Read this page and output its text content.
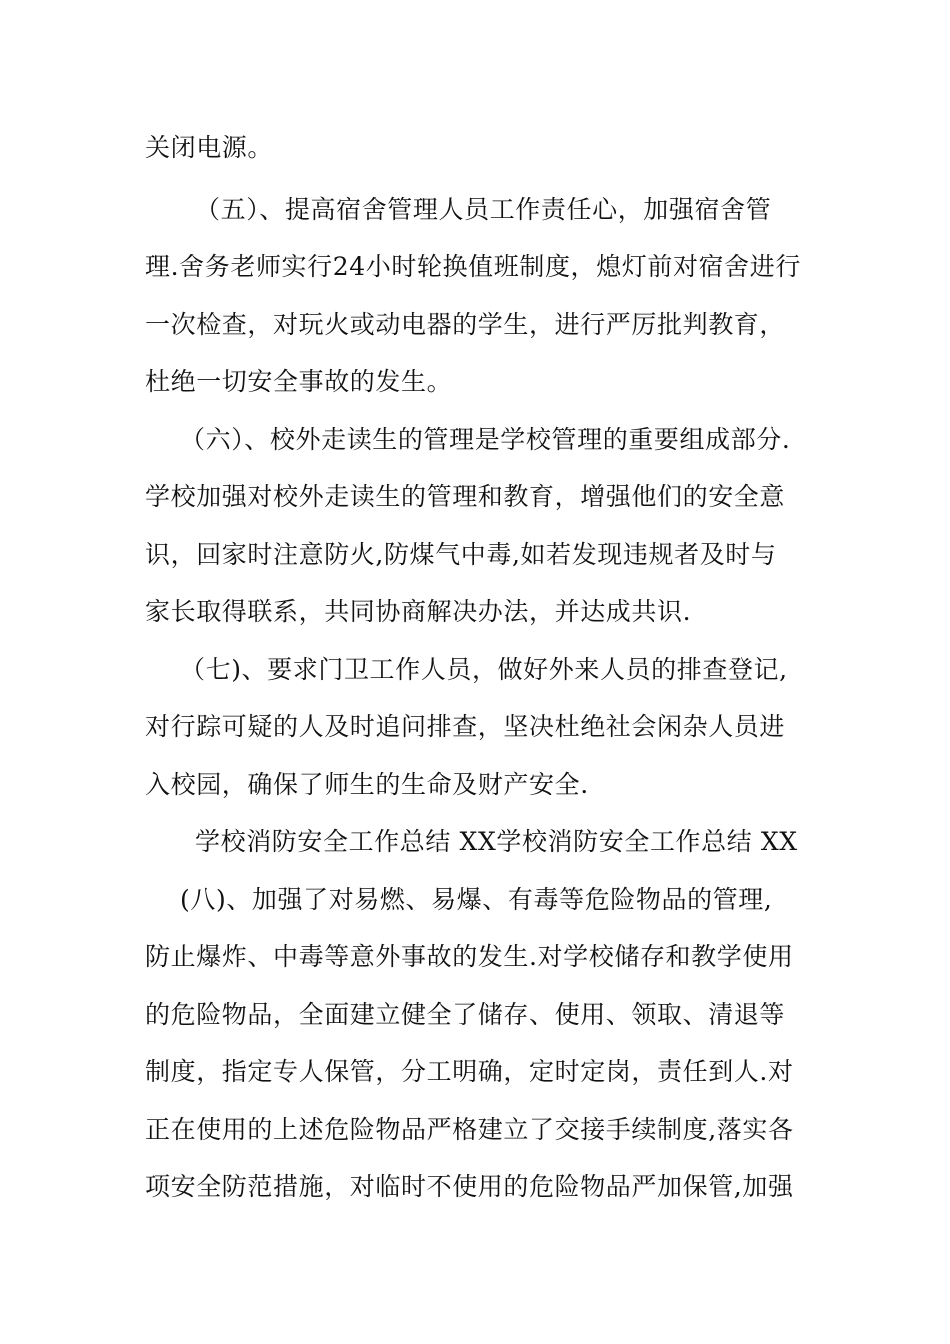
关闭电源。
（五）、提高宿舍管理人员工作责任心，加强宿舍管
理.舍务老师实行24小时轮换值班制度，熄灯前对宿舍进行
一次检查，对玩火或动电器的学生，进行严厉批判教育，
杜绝一切安全事故的发生。
（六）、校外走读生的管理是学校管理的重要组成部分.
学校加强对校外走读生的管理和教育，增强他们的安全意
识，回家时注意防火,防煤气中毒,如若发现违规者及时与
家长取得联系，共同协商解决办法，并达成共识.
（七)、要求门卫工作人员，做好外来人员的排查登记,
对行踪可疑的人及时追问排查，坚决杜绝社会闲杂人员进
入校园，确保了师生的生命及财产安全.
学校消防安全工作总结 XX学校消防安全工作总结 XX
(八)、加强了对易燃、易爆、有毒等危险物品的管理,
防止爆炸、中毒等意外事故的发生.对学校储存和教学使用
的危险物品，全面建立健全了储存、使用、领取、清退等
制度，指定专人保管，分工明确，定时定岗，责任到人.对
正在使用的上述危险物品严格建立了交接手续制度,落实各
项安全防范措施，对临时不使用的危险物品严加保管,加强
